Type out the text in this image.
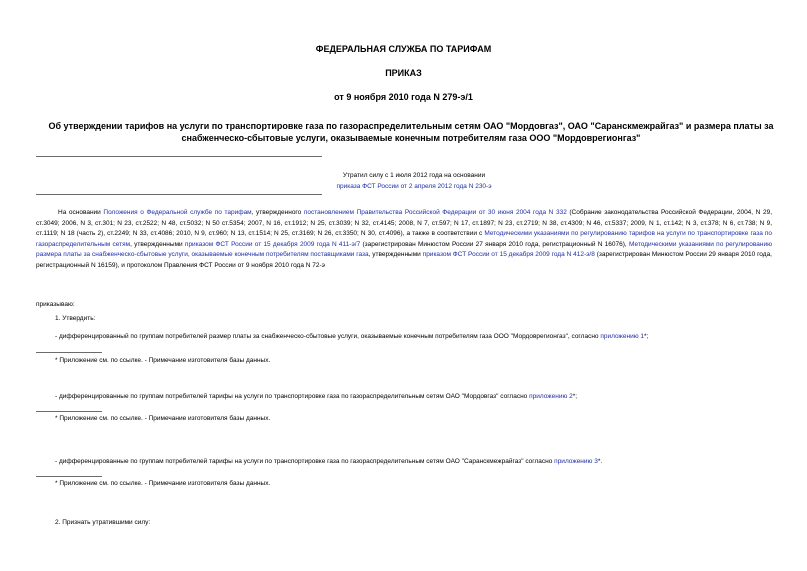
ФЕДЕРАЛЬНАЯ СЛУЖБА ПО ТАРИФАМ
ПРИКАЗ
от 9 ноября 2010 года N 279-э/1
Об утверждении тарифов на услуги по транспортировке газа по газораспределительным сетям ОАО "Мордовгаз", ОАО "Саранскмежрайгаз" и размера платы за снабженческо-сбытовые услуги, оказываемые конечным потребителям газа ООО "Мордоврегионгаз"
Утратил силу с 1 июля 2012 года на основании
приказа ФСТ России от 2 апреля 2012 года N 230-э
На основании Положения о Федеральной службе по тарифам, утвержденного постановлением Правительства Российской Федерации от 30 июня 2004 года N 332 (Собрание законодательства Российской Федерации, 2004, N 29, ст.3049; 2006, N 3, ст.301; N 23, ст.2522; N 48, ст.5032; N 50 ст.5354; 2007, N 16, ст.1912; N 25, ст.3039; N 32, ст.4145; 2008, N 7, ст.597; N 17, ст.1897; N 23, ст.2719; N 38, ст.4309; N 46, ст.5337; 2009, N 1, ст.142; N 3, ст.378; N 6, ст.738; N 9, ст.1119; N 18 (часть 2), ст.2249; N 33, ст.4086; 2010, N 9, ст.960; N 13, ст.1514; N 25, ст.3169; N 26, ст.3350; N 30, ст.4096), а также в соответствии с Методическими указаниями по регулированию тарифов на услуги по транспортировке газа по газораспределительным сетям, утвержденными приказом ФСТ России от 15 декабря 2009 года N 411-э/7 (зарегистрирован Минюстом России 27 января 2010 года, регистрационный N 16076), Методическими указаниями по регулированию размера платы за снабженческо-сбытовые услуги, оказываемые конечным потребителям поставщиками газа, утвержденными приказом ФСТ России от 15 декабря 2009 года N 412-э/8 (зарегистрирован Минюстом России 29 января 2010 года, регистрационный N 16159), и протоколом Правления ФСТ России от 9 ноября 2010 года N 72-э
приказываю:
1. Утвердить:
- дифференцированный по группам потребителей размер платы за снабженческо-сбытовые услуги, оказываемые конечным потребителям газа ООО "Мордоврегионгаз", согласно приложению 1*;
* Приложение см. по ссылке. - Примечание изготовителя базы данных.
- дифференцированные по группам потребителей тарифы на услуги по транспортировке газа по газораспределительным сетям ОАО "Мордовгаз" согласно приложению 2*;
* Приложение см. по ссылке. - Примечание изготовителя базы данных.
- дифференцированные по группам потребителей тарифы на услуги по транспортировке газа по газораспределительным сетям ОАО "Саранскмежрайгаз" согласно приложению 3*.
* Приложение см. по ссылке. - Примечание изготовителя базы данных.
2. Признать утратившими силу:
